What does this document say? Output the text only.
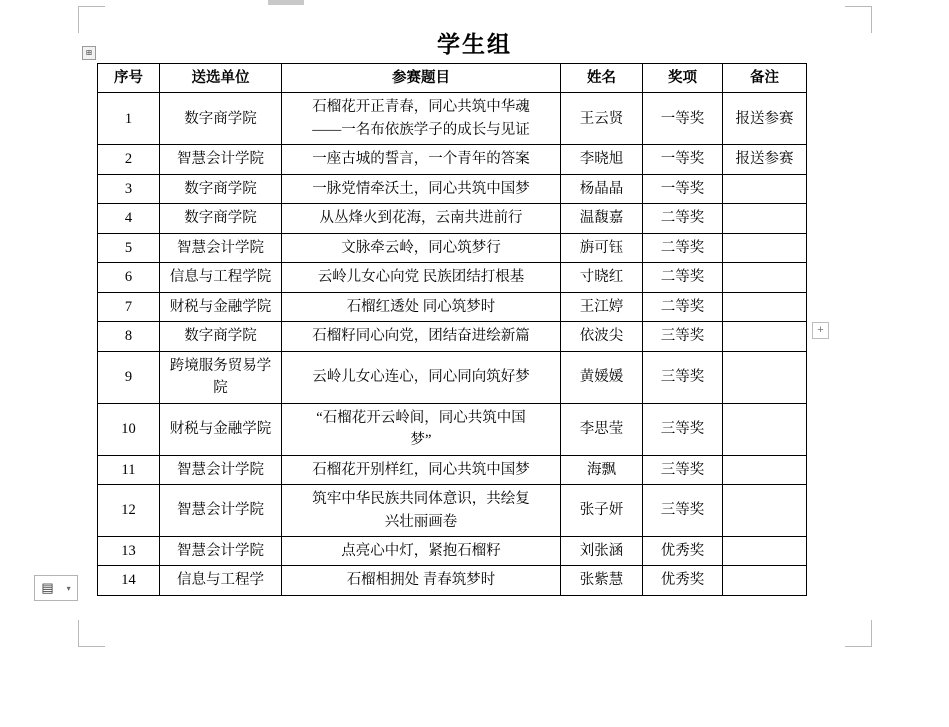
学生组
⊞
+
▤ ▾
序号	送选单位	参赛题目	姓名	奖项	备注
1	数字商学院	石榴花开正青春，同心共筑中华魂
——一名布依族学子的成长与见证	王云贤	一等奖	报送参赛
2	智慧会计学院	一座古城的誓言，一个青年的答案	李晓旭	一等奖	报送参赛
3	数字商学院	一脉党情牵沃土，同心共筑中国梦	杨晶晶	一等奖	
4	数字商学院	从丛烽火到花海，云南共进前行	温馥嘉	二等奖	
5	智慧会计学院	文脉牵云岭，同心筑梦行	旃可钰	二等奖	
6	信息与工程学院	云岭儿女心向党 民族团结打根基	寸晓红	二等奖	
7	财税与金融学院	石榴红透处 同心筑梦时	王江婷	二等奖	
8	数字商学院	石榴籽同心向党，团结奋进绘新篇	依波尖	三等奖	
9	跨境服务贸易学院	云岭儿女心连心，同心同向筑好梦	黄媛媛	三等奖	
10	财税与金融学院	“石榴花开云岭间，同心共筑中国
梦”	李思莹	三等奖	
11	智慧会计学院	石榴花开别样红，同心共筑中国梦	海飘	三等奖	
12	智慧会计学院	筑牢中华民族共同体意识，共绘复
兴壮丽画卷	张子妍	三等奖	
13	智慧会计学院	点亮心中灯，紧抱石榴籽	刘张涵	优秀奖	
14	信息与工程学	石榴相拥处 青春筑梦时	张紫慧	优秀奖	
